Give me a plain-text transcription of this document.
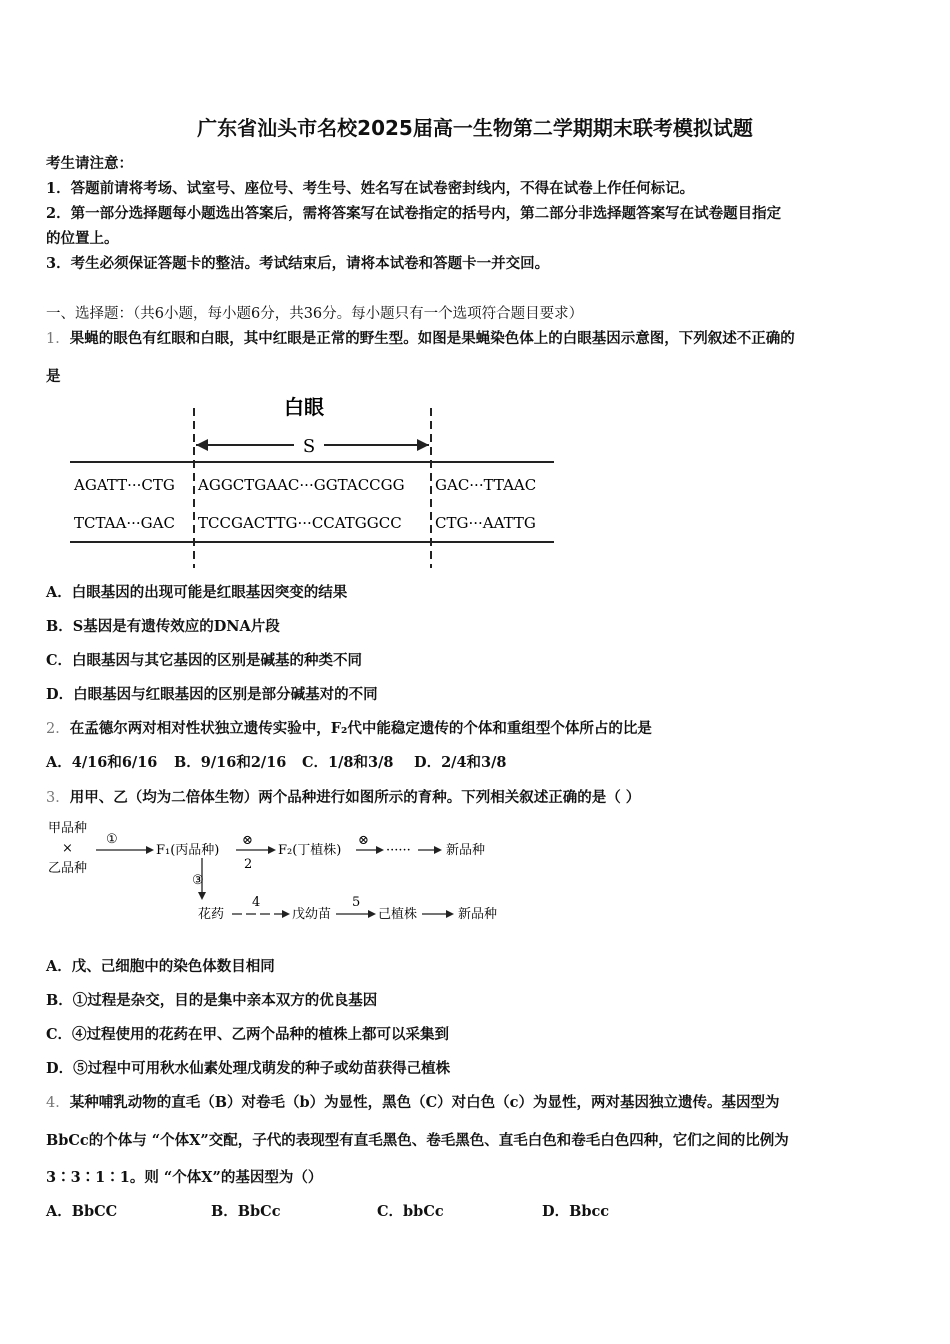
广东省汕头市名校2025届高一生物第二学期期末联考模拟试题
考生请注意：
1．答题前请将考场、试室号、座位号、考生号、姓名写在试卷密封线内，不得在试卷上作任何标记。
2．第一部分选择题每小题选出答案后，需将答案写在试卷指定的括号内，第二部分非选择题答案写在试卷题目指定
的位置上。
3．考生必须保证答题卡的整洁。考试结束后，请将本试卷和答题卡一并交回。
一、选择题：（共6小题，每小题6分，共36分。每小题只有一个选项符合题目要求）
1．果蝇的眼色有红眼和白眼，其中红眼是正常的野生型。如图是果蝇染色体上的白眼基因示意图，下列叙述不正确的
是
白眼
S
AGATT···CTG AGGCTGAAC···GGTACCGG GAC···TTAAC
TCTAA···GAC TCCGACTTG···CCATGGCC CTG···AATTG
A．白眼基因的出现可能是红眼基因突变的结果
B．S基因是有遗传效应的DNA片段
C．白眼基因与其它基因的区别是碱基的种类不同
D．白眼基因与红眼基因的区别是部分碱基对的不同
2．在孟德尔两对相对性状独立遗传实验中，F₂代中能稳定遗传的个体和重组型个体所占的比是
A．4/16和6/16 B．9/16和2/16 C．1/8和3/8 D．2/4和3/8
3．用甲、乙（均为二倍体生物）两个品种进行如图所示的育种。下列相关叙述正确的是（ ）
甲品种
×
乙品种
①
F₁(丙品种)
⊗
2
F₂(丁植株)
⊗
······	新品种
③
花药
4
戊幼苗
5
己植株	新品种
A．戊、己细胞中的染色体数目相同
B．①过程是杂交，目的是集中亲本双方的优良基因
C．④过程使用的花药在甲、乙两个品种的植株上都可以采集到
D．⑤过程中可用秋水仙素处理戊萌发的种子或幼苗获得己植株
4．某种哺乳动物的直毛（B）对卷毛（b）为显性，黑色（C）对白色（c）为显性，两对基因独立遗传。基因型为
BbCc的个体与 “个体X”交配，子代的表现型有直毛黑色、卷毛黑色、直毛白色和卷毛白色四种，它们之间的比例为
3∶3∶1∶1。则 “个体X”的基因型为（）
A．BbCC	B．BbCc	C．bbCc	D．Bbcc
